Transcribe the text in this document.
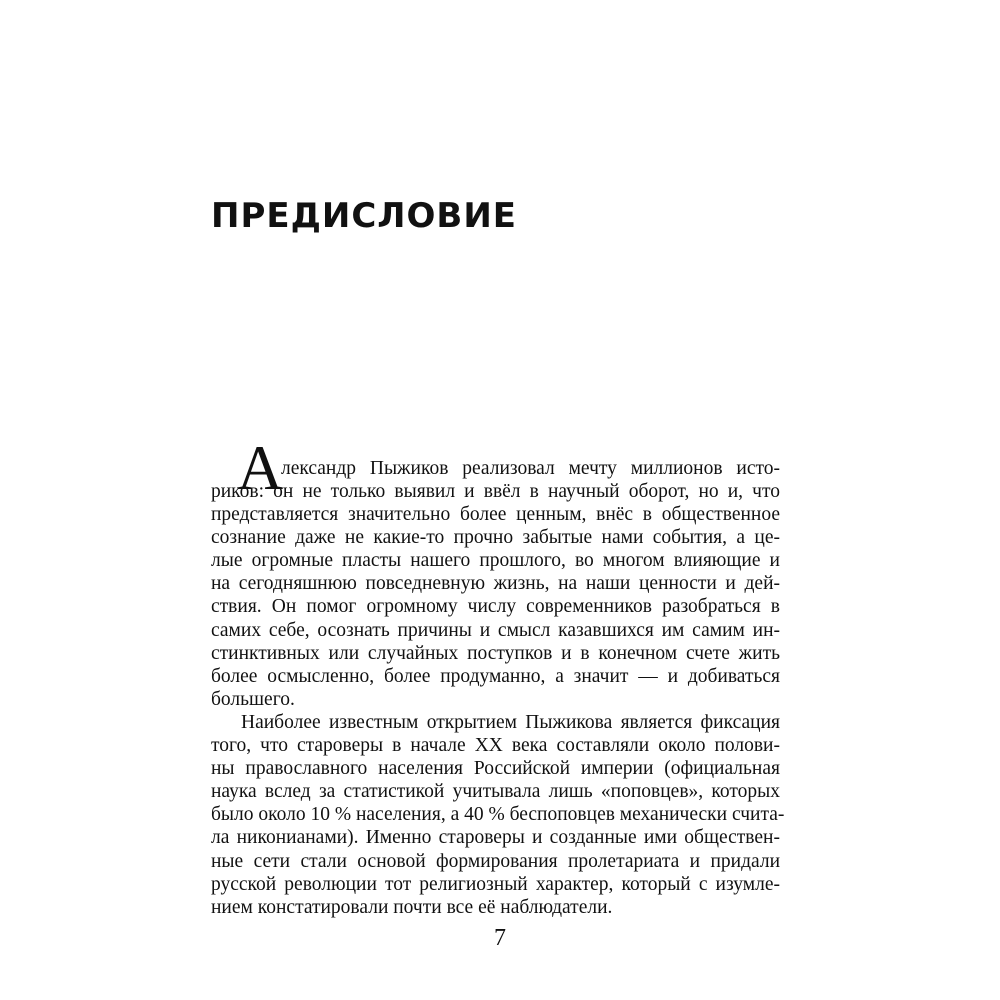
ПРЕДИСЛОВИЕ
А
лександр Пыжиков реализовал мечту миллионов исто-
риков: он не только выявил и ввёл в научный оборот, но и, что
представляется значительно более ценным, внёс в общественное
сознание даже не какие-то прочно забытые нами события, а це-
лые огромные пласты нашего прошлого, во многом влияющие и
на сегодняшнюю повседневную жизнь, на наши ценности и дей-
ствия. Он помог огромному числу современников разобраться в
самих себе, осознать причины и смысл казавшихся им самим ин-
стинктивных или случайных поступков и в конечном счете жить
более осмысленно, более продуманно, а значит — и добиваться
большего.
Наиболее известным открытием Пыжикова является фиксация
того, что староверы в начале XX века составляли около полови-
ны православного населения Российской империи (официальная
наука вслед за статистикой учитывала лишь «поповцев», которых
было около 10 % населения, а 40 % беспоповцев механически счита-
ла никонианами). Именно староверы и созданные ими обществен-
ные сети стали основой формирования пролетариата и придали
русской революции тот религиозный характер, который с изумле-
нием констатировали почти все её наблюдатели.
7
